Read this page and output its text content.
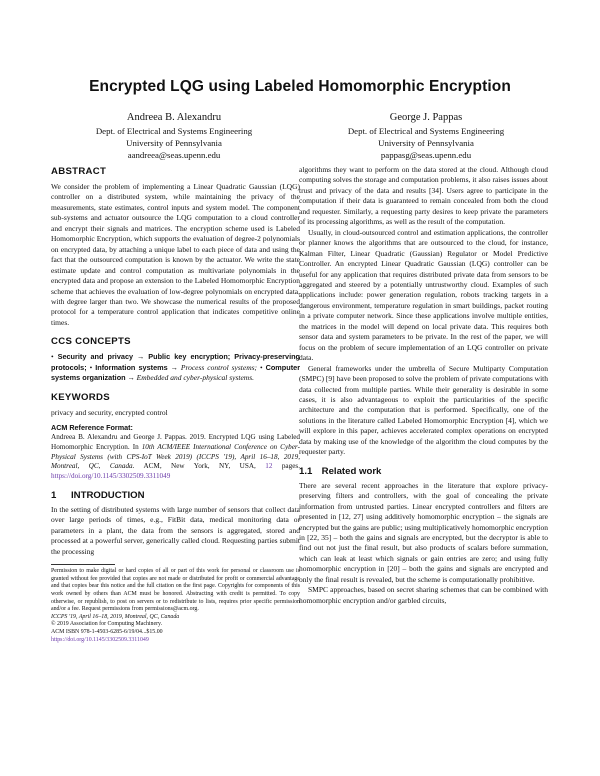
Encrypted LQG using Labeled Homomorphic Encryption
Andreea B. Alexandru
Dept. of Electrical and Systems Engineering
University of Pennsylvania
aandreea@seas.upenn.edu
George J. Pappas
Dept. of Electrical and Systems Engineering
University of Pennsylvania
pappasg@seas.upenn.edu
ABSTRACT

We consider the problem of implementing a Linear Quadratic Gaussian (LQG) controller on a distributed system, while maintaining the privacy of the measurements, state estimates, control inputs and system model. The component sub-systems and actuator outsource the LQG computation to a cloud controller and encrypt their signals and matrices. The encryption scheme used is Labeled Homomorphic Encryption, which supports the evaluation of degree-2 polynomials on encrypted data, by attaching a unique label to each piece of data and using the fact that the outsourced computation is known by the actuator. We write the state estimate update and control computation as multivariate polynomials in the encrypted data and propose an extension to the Labeled Homomorphic Encryption scheme that achieves the evaluation of low-degree polynomials on encrypted data, with degree larger than two. We showcase the numerical results of the proposed protocol for a temperature control application that indicates competitive online times.

CCS CONCEPTS

• Security and privacy → Public key encryption; Privacy-preserving protocols; • Information systems → Process control systems; • Computer systems organization → Embedded and cyber-physical systems.

KEYWORDS

privacy and security, encrypted control

ACM Reference Format:

Andreea B. Alexandru and George J. Pappas. 2019. Encrypted LQG using Labeled Homomorphic Encryption. In 10th ACM/IEEE International Conference on Cyber-Physical Systems (with CPS-IoT Week 2019) (ICCPS '19), April 16–18, 2019, Montreal, QC, Canada. ACM, New York, NY, USA, 12 pages. https://doi.org/10.1145/3302509.3311049

1 INTRODUCTION

In the setting of distributed systems with large number of sensors that collect data over large periods of times, e.g., FitBit data, medical monitoring data or parameters in a plant, the data from the sensors is aggregated, stored and processed at a powerful server, generically called cloud. Requesting parties submit the processing

Permission to make digital or hard copies of all or part of this work for personal or classroom use is granted without fee provided that copies are not made or distributed for profit or commercial advantage and that copies bear this notice and the full citation on the first page. Copyrights for components of this work owned by others than ACM must be honored. Abstracting with credit is permitted. To copy otherwise, or republish, to post on servers or to redistribute to lists, requires prior specific permission and/or a fee. Request permissions from permissions@acm.org.

ICCPS '19, April 16–18, 2019, Montreal, QC, Canada
© 2019 Association for Computing Machinery.
ACM ISBN 978-1-4503-6285-6/19/04...$15.00
https://doi.org/10.1145/3302509.3311049

algorithms they want to perform on the data stored at the cloud. Although cloud computing solves the storage and computation problems, it also raises issues about trust and privacy of the data and results [34]. Users agree to participate in the computation if their data is guaranteed to remain concealed from both the cloud and requester. Similarly, a requesting party desires to keep private the parameters of its processing algorithms, as well as the result of the computation.

Usually, in cloud-outsourced control and estimation applications, the controller or planner knows the algorithms that are outsourced to the cloud, for instance, Kalman Filter, Linear Quadratic (Gaussian) Regulator or Model Predictive Controller. An encrypted Linear Quadratic Gaussian (LQG) controller can be useful for any application that requires distributed private data from sensors to be aggregated and steered by a potentially untrustworthy cloud. Examples of such applications include: power generation regulation, robots tracking targets in a dangerous environment, temperature regulation in smart buildings, packet routing in a private computer network. Since these applications involve multiple entities, the matrices in the model will depend on local private data. This requires both sensor data and system parameters to be private. In the rest of the paper, we will focus on the problem of secure implementation of an LQG controller on private data.

General frameworks under the umbrella of Secure Multiparty Computation (SMPC) [9] have been proposed to solve the problem of private computations with data collected from multiple parties. While their generality is desirable in some cases, it is also advantageous to exploit the particularities of the specific architecture and the computation that is performed. Specifically, one of the solutions in the literature called Labeled Homomorphic Encryption [4], which we will explore in this paper, achieves accelerated complex operations on encrypted data by making use of the knowledge of the algorithm the cloud computes by the requester party.

1.1 Related work

There are several recent approaches in the literature that explore privacy-preserving filters and controllers, with the goal of concealing the private information from untrusted parties. Linear encrypted controllers and filters are presented in [12, 27] using additively homomorphic encryption – the signals are encrypted but the gains are public; using multiplicatively homomorphic encryption in [22, 35] – both the gains and signals are encrypted, but the decryptor is able to find out not just the final result, but also products of scalars before summation, which can leak at least which signals or gain entries are zero; and using fully homomorphic encryption in [20] – both the gains and signals are encrypted and only the final result is revealed, but the scheme is computationally prohibitive.

SMPC approaches, based on secret sharing schemes that can be combined with homomorphic encryption and/or garbled circuits,
